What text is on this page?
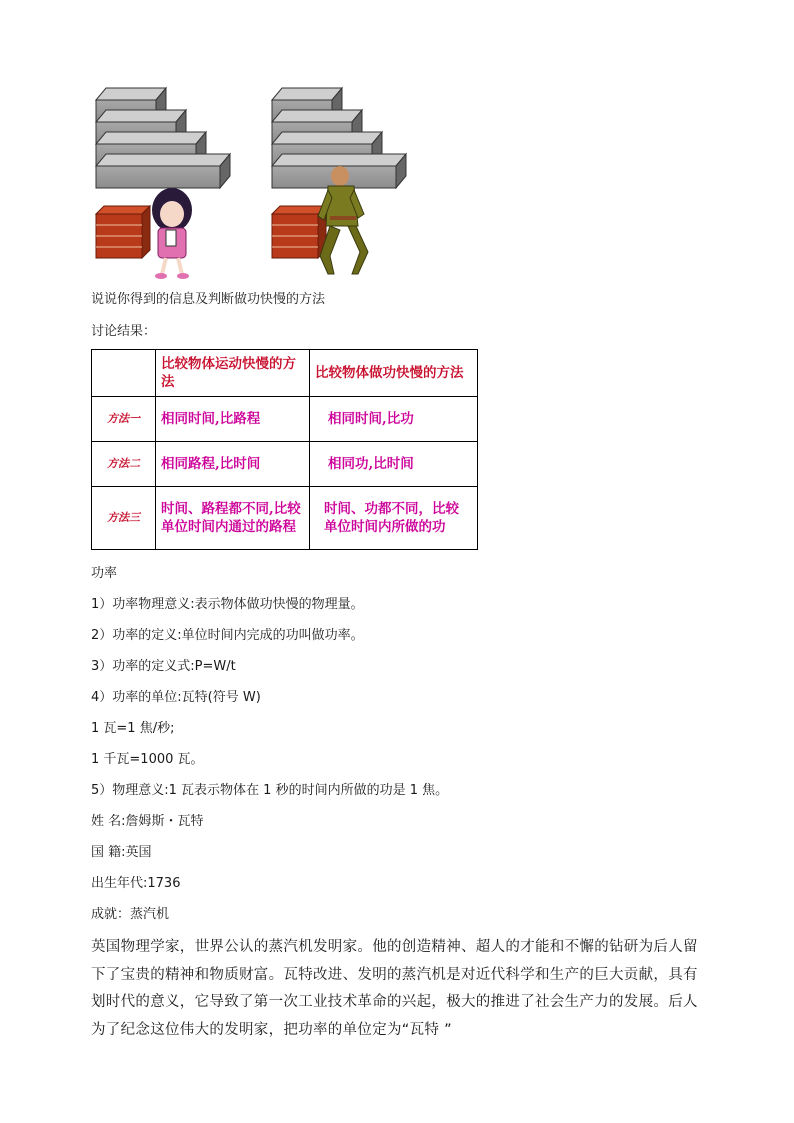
说说你得到的信息及判断做功快慢的方法
讨论结果：
	比较物体运动快慢的方法	比较物体做功快慢的方法
方法一	相同时间,比路程	相同时间,比功
方法二	相同路程,比时间	相同功,比时间
方法三	时间、路程都不同,比较单位时间内通过的路程	时间、功都不同，比较单位时间内所做的功
功率
1）功率物理意义:表示物体做功快慢的物理量。
2）功率的定义:单位时间内完成的功叫做功率。
3）功率的定义式:P=W/t
4）功率的单位:瓦特(符号 W)
1 瓦=1 焦/秒;
1 千瓦=1000 瓦。
5）物理意义:1 瓦表示物体在 1 秒的时间内所做的功是 1 焦。
姓 名:詹姆斯・瓦特
国 籍:英国
出生年代:1736
成就：蒸汽机
英国物理学家，世界公认的蒸汽机发明家。他的创造精神、超人的才能和不懈的钻研为后人留下了宝贵的精神和物质财富。瓦特改进、发明的蒸汽机是对近代科学和生产的巨大贡献，具有划时代的意义，它导致了第一次工业技术革命的兴起，极大的推进了社会生产力的发展。后人为了纪念这位伟大的发明家，把功率的单位定为“瓦特 ”
